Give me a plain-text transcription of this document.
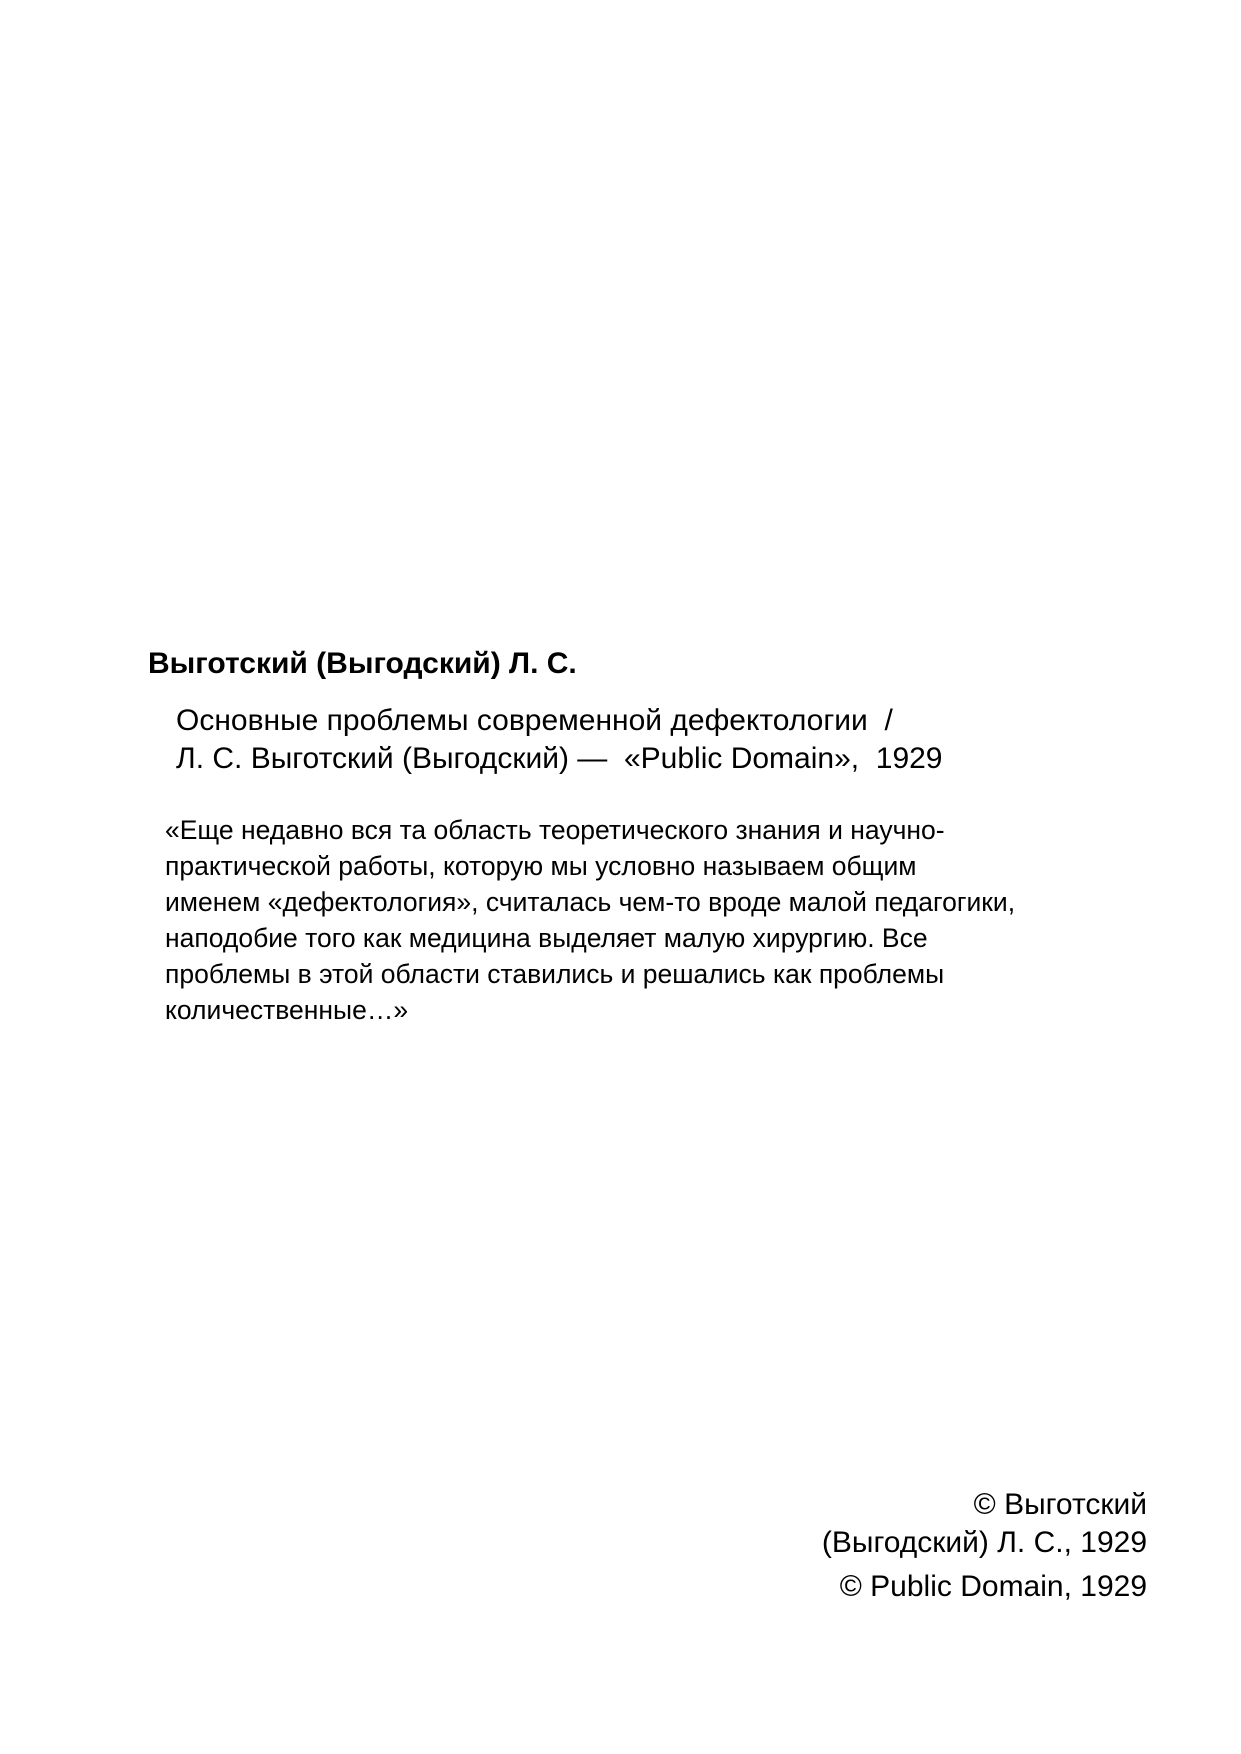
Выготский (Выгодский) Л. С.
Основные проблемы современной дефектологии  /
Л. С. Выготский (Выгодский) —  «Public Domain»,  1929
«Еще недавно вся та область теоретического знания и научно-
практической работы, которую мы условно называем общим
именем «дефектология», считалась чем-то вроде малой педагогики,
наподобие того как медицина выделяет малую хирургию. Все
проблемы в этой области ставились и решались как проблемы
количественные…»
© Выготский
(Выгодский) Л. С., 1929
© Public Domain, 1929
